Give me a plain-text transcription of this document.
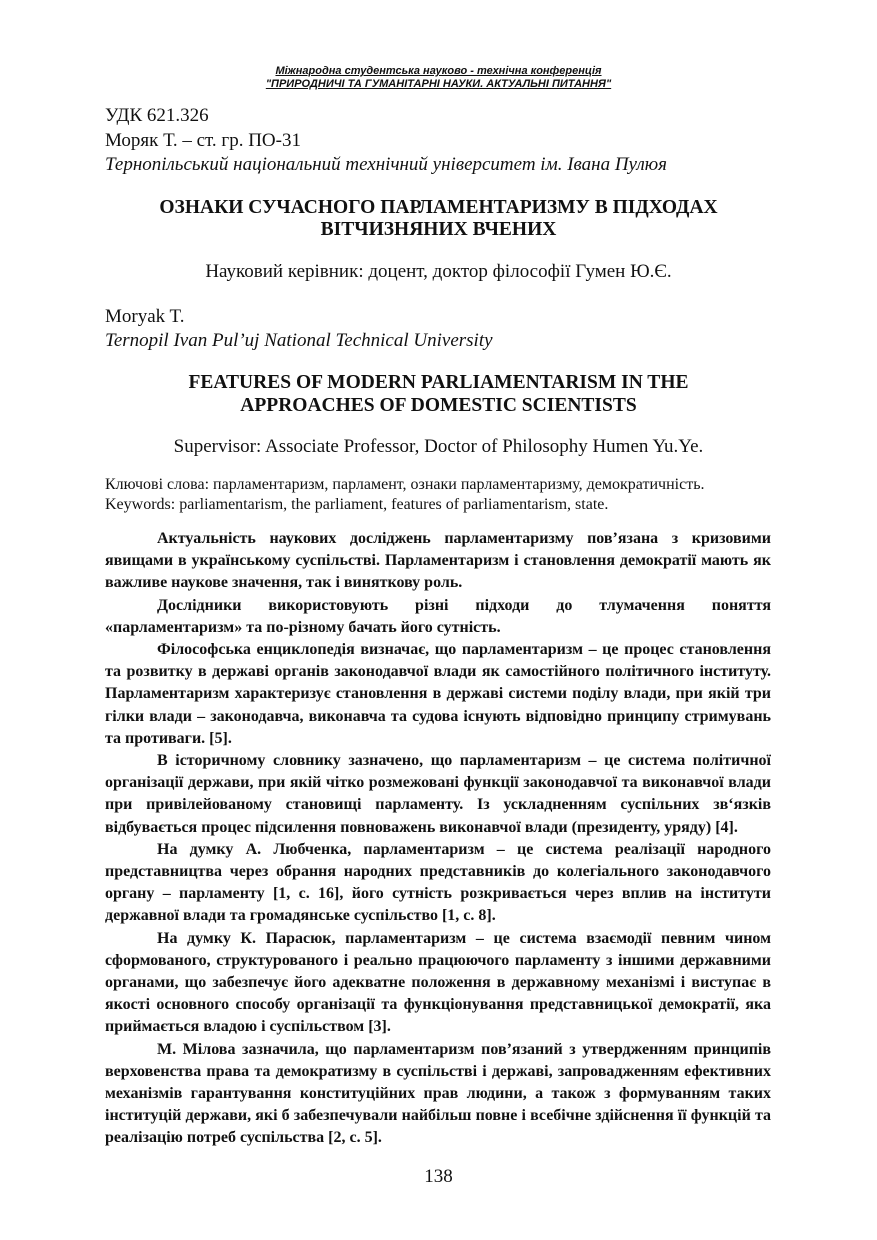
Міжнародна студентська науково - технічна конференція
"ПРИРОДНИЧІ ТА ГУМАНІТАРНІ НАУКИ. АКТУАЛЬНІ ПИТАННЯ"
УДК 621.326
Моряк Т. – ст. гр. ПО-31
Тернопільський національний технічний університет ім. Івана Пулюя
ОЗНАКИ СУЧАСНОГО ПАРЛАМЕНТАРИЗМУ В ПІДХОДАХ
ВІТЧИЗНЯНИХ ВЧЕНИХ
Науковий керівник: доцент, доктор філософії Гумен Ю.Є.
Moryak T.
Ternopil Ivan Pul’uj National Technical University
FEATURES OF MODERN PARLIAMENTARISM IN THE
APPROACHES OF DOMESTIC SCIENTISTS
Supervisor: Associate Professor, Doctor of Philosophy Humen Yu.Ye.
Ключові слова: парламентаризм, парламент, ознаки парламентаризму, демократичність.
Keywords: parliamentarism, the parliament, features of parliamentarism, state.

Актуальність наукових досліджень парламентаризму пов’язана з кризовими явищами в українському суспільстві. Парламентаризм і становлення демократії мають як важливе наукове значення, так і виняткову роль.

Дослідники використовують різні підходи до тлумачення поняття «парламентаризм» та по-різному бачать його сутність.

Філософська енциклопедія визначає, що парламентаризм – це процес становлення та розвитку в державі органів законодавчої влади як самостійного політичного інституту. Парламентаризм характеризує становлення в державі системи поділу влади, при якій три гілки влади – законодавча, виконавча та судова існують відповідно принципу стримувань та противаги. [5].

В історичному словнику зазначено, що парламентаризм – це система політичної організації держави, при якій чітко розмежовані функції законодавчої та виконавчої влади при привілейованому становищі парламенту. Із ускладненням суспільних зв‘язків відбувається процес підсилення повноважень виконавчої влади (президенту, уряду) [4].

На думку А. Любченка, парламентаризм – це система реалізації народного представництва через обрання народних представників до колегіального законодавчого органу – парламенту [1, с. 16], його сутність розкривається через вплив на інститути державної влади та громадянське суспільство [1, с. 8].

На думку К. Парасюк, парламентаризм – це система взаємодії певним чином сформованого, структурованого і реально працюючого парламенту з іншими державними органами, що забезпечує його адекватне положення в державному механізмі і виступає в якості основного способу організації та функціонування представницької демократії, яка приймається владою і суспільством [3].

М. Мілова зазначила, що парламентаризм пов’язаний з утвердженням принципів верховенства права та демократизму в суспільстві і державі, запровадженням ефективних механізмів гарантування конституційних прав людини, а також з формуванням таких інституцій держави, які б забезпечували найбільш повне і всебічне здійснення її функцій та реалізацію потреб суспільства [2, с. 5].

138
